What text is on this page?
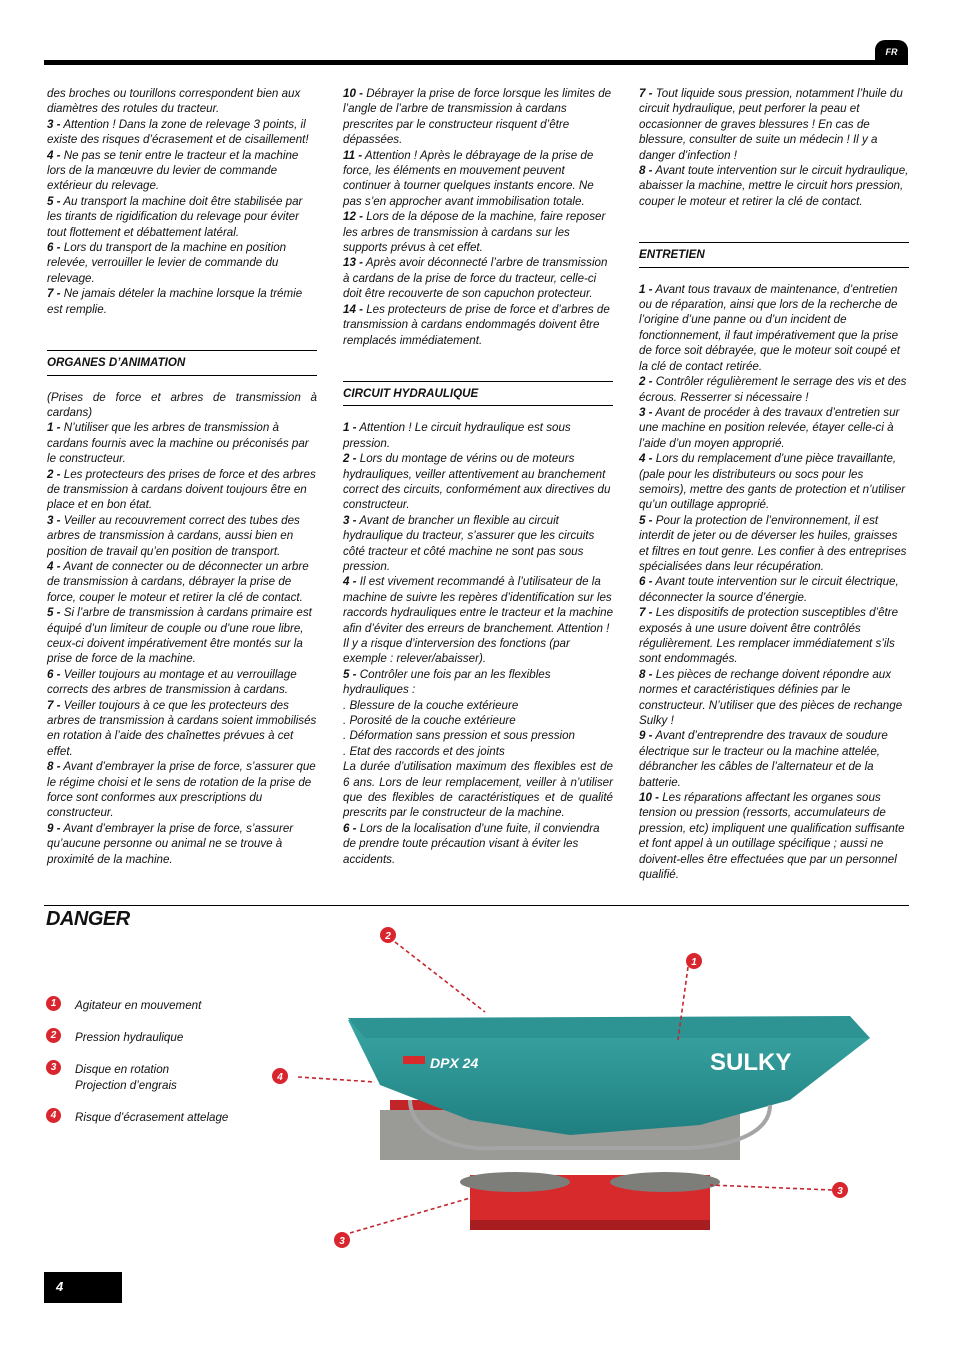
FR

des broches ou tourillons correspondent bien aux diamètres des rotules du tracteur.

3 - Attention ! Dans la zone de relevage 3 points, il existe des risques d’écrasement et de cisaillement!

4 - Ne pas se tenir entre le tracteur et la machine lors de la manœuvre du levier de commande extérieur du relevage.

5 - Au transport la machine doit être stabilisée par les tirants de rigidification du relevage pour éviter tout flottement et débattement latéral.

6 - Lors du transport de la machine en position relevée, verrouiller le levier de commande du relevage.

7 - Ne jamais dételer la machine lorsque la trémie est remplie.

ORGANES D’ANIMATION

(Prises de force et arbres de transmission à cardans)

1 - N’utiliser que les arbres de transmission à cardans fournis avec la machine ou préconisés par le constructeur.

2 - Les protecteurs des prises de force et des arbres de transmission à cardans doivent toujours être en place et en bon état.

3 - Veiller au recouvrement correct des tubes des arbres de transmission à cardans, aussi bien en position de travail qu’en position de transport.

4 - Avant de connecter ou de déconnecter un arbre de transmission à cardans, débrayer la prise de force, couper le moteur et retirer la clé de contact.

5 - Si l’arbre de transmission à cardans primaire est équipé d’un limiteur de couple ou d’une roue libre, ceux-ci doivent impérativement être montés sur la prise de force de la machine.

6 - Veiller toujours au montage et au verrouillage corrects des arbres de transmission à cardans.

7 - Veiller toujours à ce que les protecteurs des arbres de transmission à cardans soient immobilisés en rotation à l’aide des chaînettes prévues à cet effet.

8 - Avant d’embrayer la prise de force, s’assurer que le régime choisi et le sens de rotation de la prise de force sont conformes aux prescriptions du constructeur.

9 - Avant d’embrayer la prise de force, s’assurer qu’aucune personne ou animal ne se trouve à proximité de la machine.

10 - Débrayer la prise de force lorsque les limites de l’angle de l’arbre de transmission à cardans prescrites par le constructeur risquent d’être dépassées.

11 - Attention ! Après le débrayage de la prise de force, les éléments en mouvement peuvent continuer à tourner quelques instants encore. Ne pas s’en approcher avant immobilisation totale.

12 - Lors de la dépose de la machine, faire reposer les arbres de transmission à cardans sur les supports prévus à cet effet.

13 - Après avoir déconnecté l’arbre de transmission à cardans de la prise de force du tracteur, celle-ci doit être recouverte de son capuchon protecteur.

14 - Les protecteurs de prise de force et d’arbres de transmission à cardans endommagés doivent être remplacés immédiatement.

CIRCUIT HYDRAULIQUE

1 - Attention ! Le circuit hydraulique est sous pression.

2 - Lors du montage de vérins ou de moteurs hydrauliques, veiller attentivement au branchement correct des circuits, conformément aux directives du constructeur.

3 - Avant de brancher un flexible au circuit hydraulique du tracteur, s’assurer que les circuits côté tracteur et côté machine ne sont pas sous pression.

4 - Il est vivement recommandé à l’utilisateur de la machine de suivre les repères d’identification sur les raccords hydrauliques entre le tracteur et la machine afin d’éviter des erreurs de branchement. Attention ! Il y a risque d’interversion des fonctions (par exemple : relever/abaisser).

5 - Contrôler une fois par an les flexibles hydrauliques :

. Blessure de la couche extérieure

. Porosité de la couche extérieure

. Déformation sans pression et sous pression

. Etat des raccords et des joints

La durée d’utilisation maximum des flexibles est de 6 ans. Lors de leur remplacement, veiller à n’utiliser que des flexibles de caractéristiques et de qualité prescrits par le constructeur de la machine.

6 - Lors de la localisation d’une fuite, il conviendra de prendre toute précaution visant à éviter les accidents.

7 - Tout liquide sous pression, notamment l’huile du circuit hydraulique, peut perforer la peau et occasionner de graves blessures ! En cas de blessure, consulter de suite un médecin ! Il y a danger d’infection !

8 - Avant toute intervention sur le circuit hydraulique, abaisser la machine, mettre le circuit hors pression, couper le moteur et retirer la clé de contact.

ENTRETIEN

1 - Avant tous travaux de maintenance, d’entretien ou de réparation, ainsi que lors de la recherche de l’origine d’une panne ou d’un incident de fonctionnement, il faut impérativement que la prise de force soit débrayée, que le moteur soit coupé et la clé de contact retirée.

2 - Contrôler régulièrement le serrage des vis et des écrous. Resserrer si nécessaire !

3 - Avant de procéder à des travaux d’entretien sur une machine en position relevée, étayer celle-ci à l’aide d’un moyen approprié.

4 - Lors du remplacement d’une pièce travaillante, (pale pour les distributeurs ou socs pour les semoirs), mettre des gants de protection et n’utiliser qu’un outillage approprié.

5 - Pour la protection de l’environnement, il est interdit de jeter ou de déverser les huiles, graisses et filtres en tout genre. Les confier à des entreprises spécialisées dans leur récupération.

6 - Avant toute intervention sur le circuit électrique, déconnecter la source d’énergie.

7 - Les dispositifs de protection susceptibles d’être exposés à une usure doivent être contrôlés régulièrement. Les remplacer immédiatement s’ils sont endommagés.

8 - Les pièces de rechange doivent répondre aux normes et caractéristiques définies par le constructeur. N’utiliser que des pièces de rechange Sulky !

9 - Avant d’entreprendre des travaux de soudure électrique sur le tracteur ou la machine attelée, débrancher les câbles de l’alternateur et de la batterie.

10 - Les réparations affectant les organes sous tension ou pression (ressorts, accumulateurs de pression, etc) impliquent une qualification suffisante et font appel à un outillage spécifique ; aussi ne doivent-elles être effectuées que par un personnel qualifié.

DANGER
1	Agitateur en mouvement
2	Pression hydraulique
3	Disque en rotation
Projection d’engrais
4	Risque d’écrasement attelage
DPX 24	SULKY
2
1
4
3
3
4
